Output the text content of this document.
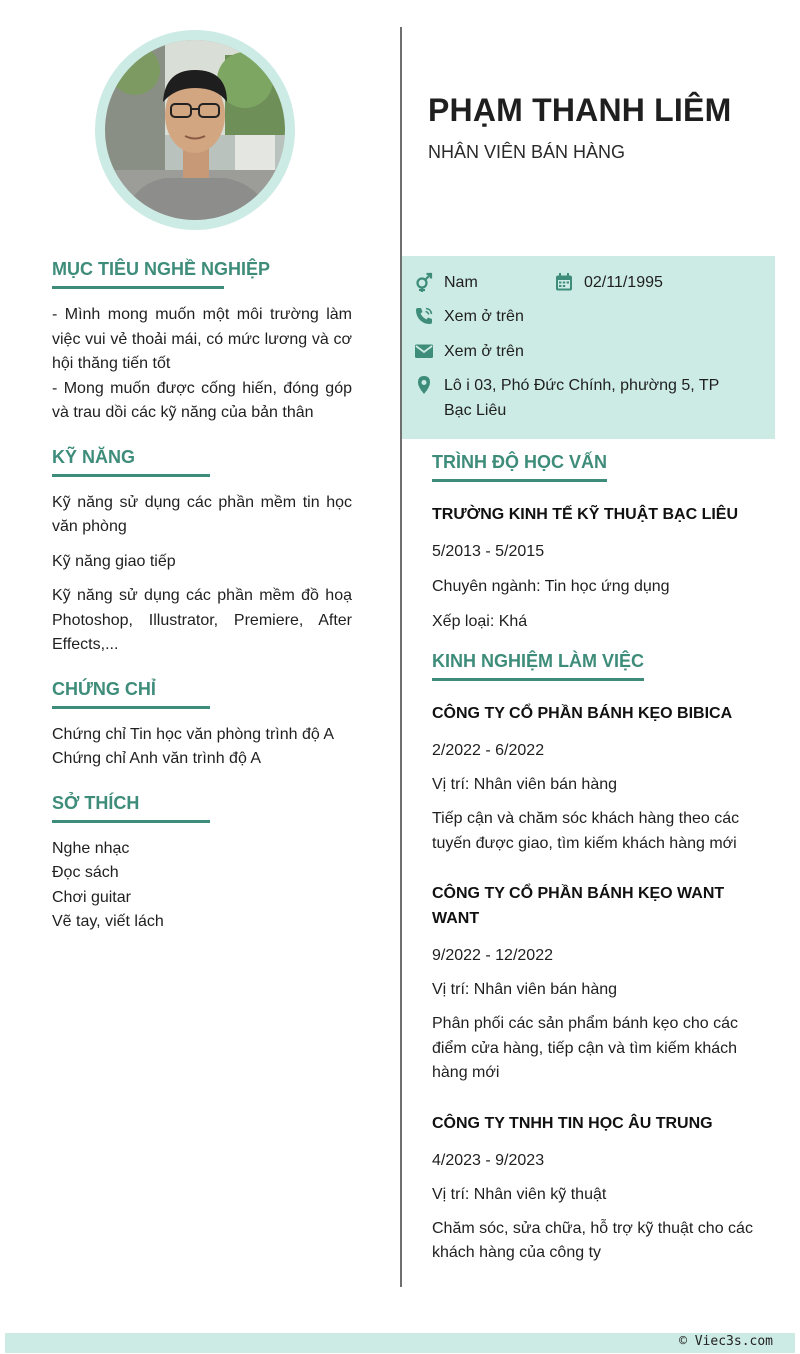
PHẠM THANH LIÊM
NHÂN VIÊN BÁN HÀNG
Nam	02/11/1995
Xem ở trên
Xem ở trên
Lô i 03, Phó Đức Chính, phường 5, TP Bạc Liêu
MỤC TIÊU NGHỀ NGHIỆP
- Mình mong muốn một môi trường làm việc vui vẻ thoải mái, có mức lương và cơ hội thăng tiến tốt
- Mong muốn được cống hiến, đóng góp và trau dồi các kỹ năng của bản thân
KỸ NĂNG
Kỹ năng sử dụng các phần mềm tin học văn phòng
Kỹ năng giao tiếp
Kỹ năng sử dụng các phần mềm đồ hoạ Photoshop, Illustrator, Premiere, After Effects,...
CHỨNG CHỈ
Chứng chỉ Tin học văn phòng trình độ A
Chứng chỉ Anh văn trình độ A
SỞ THÍCH
Nghe nhạc
Đọc sách
Chơi guitar
Vẽ tay, viết lách
TRÌNH ĐỘ HỌC VẤN
TRƯỜNG KINH TẾ KỸ THUẬT BẠC LIÊU
5/2013 - 5/2015
Chuyên ngành: Tin học ứng dụng
Xếp loại: Khá
KINH NGHIỆM LÀM VIỆC
CÔNG TY CỔ PHẦN BÁNH KẸO BIBICA
2/2022 - 6/2022
Vị trí: Nhân viên bán hàng
Tiếp cận và chăm sóc khách hàng theo các tuyến được giao, tìm kiếm khách hàng mới
CÔNG TY CỔ PHẦN BÁNH KẸO WANT WANT
9/2022 - 12/2022
Vị trí: Nhân viên bán hàng
Phân phối các sản phẩm bánh kẹo cho các điểm cửa hàng, tiếp cận và tìm kiếm khách hàng mới
CÔNG TY TNHH TIN HỌC ÂU TRUNG
4/2023 - 9/2023
Vị trí: Nhân viên kỹ thuật
Chăm sóc, sửa chữa, hỗ trợ kỹ thuật cho các khách hàng của công ty
© Viec3s.com
